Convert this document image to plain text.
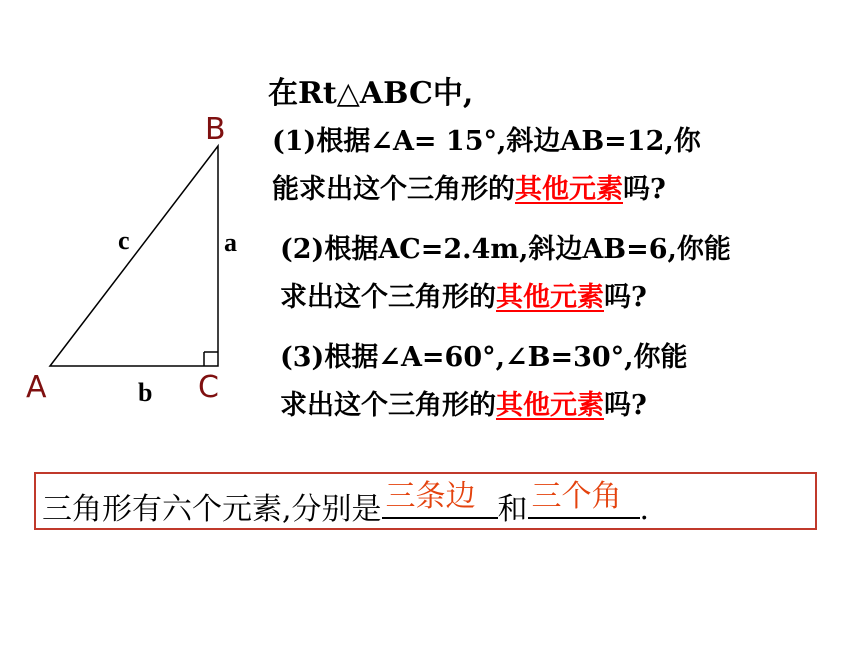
B
A	C
c	a
b
在Rt△ABC中,
(1)根据∠A= 15°,斜边AB=12,你
能求出这个三角形的其他元素吗?
(2)根据AC=2.4m,斜边AB=6,你能
求出这个三角形的其他元素吗?
(3)根据∠A=60°,∠B=30°,你能
求出这个三角形的其他元素吗?
三角形有六个元素,分别是 三条边 和 三个角 .
